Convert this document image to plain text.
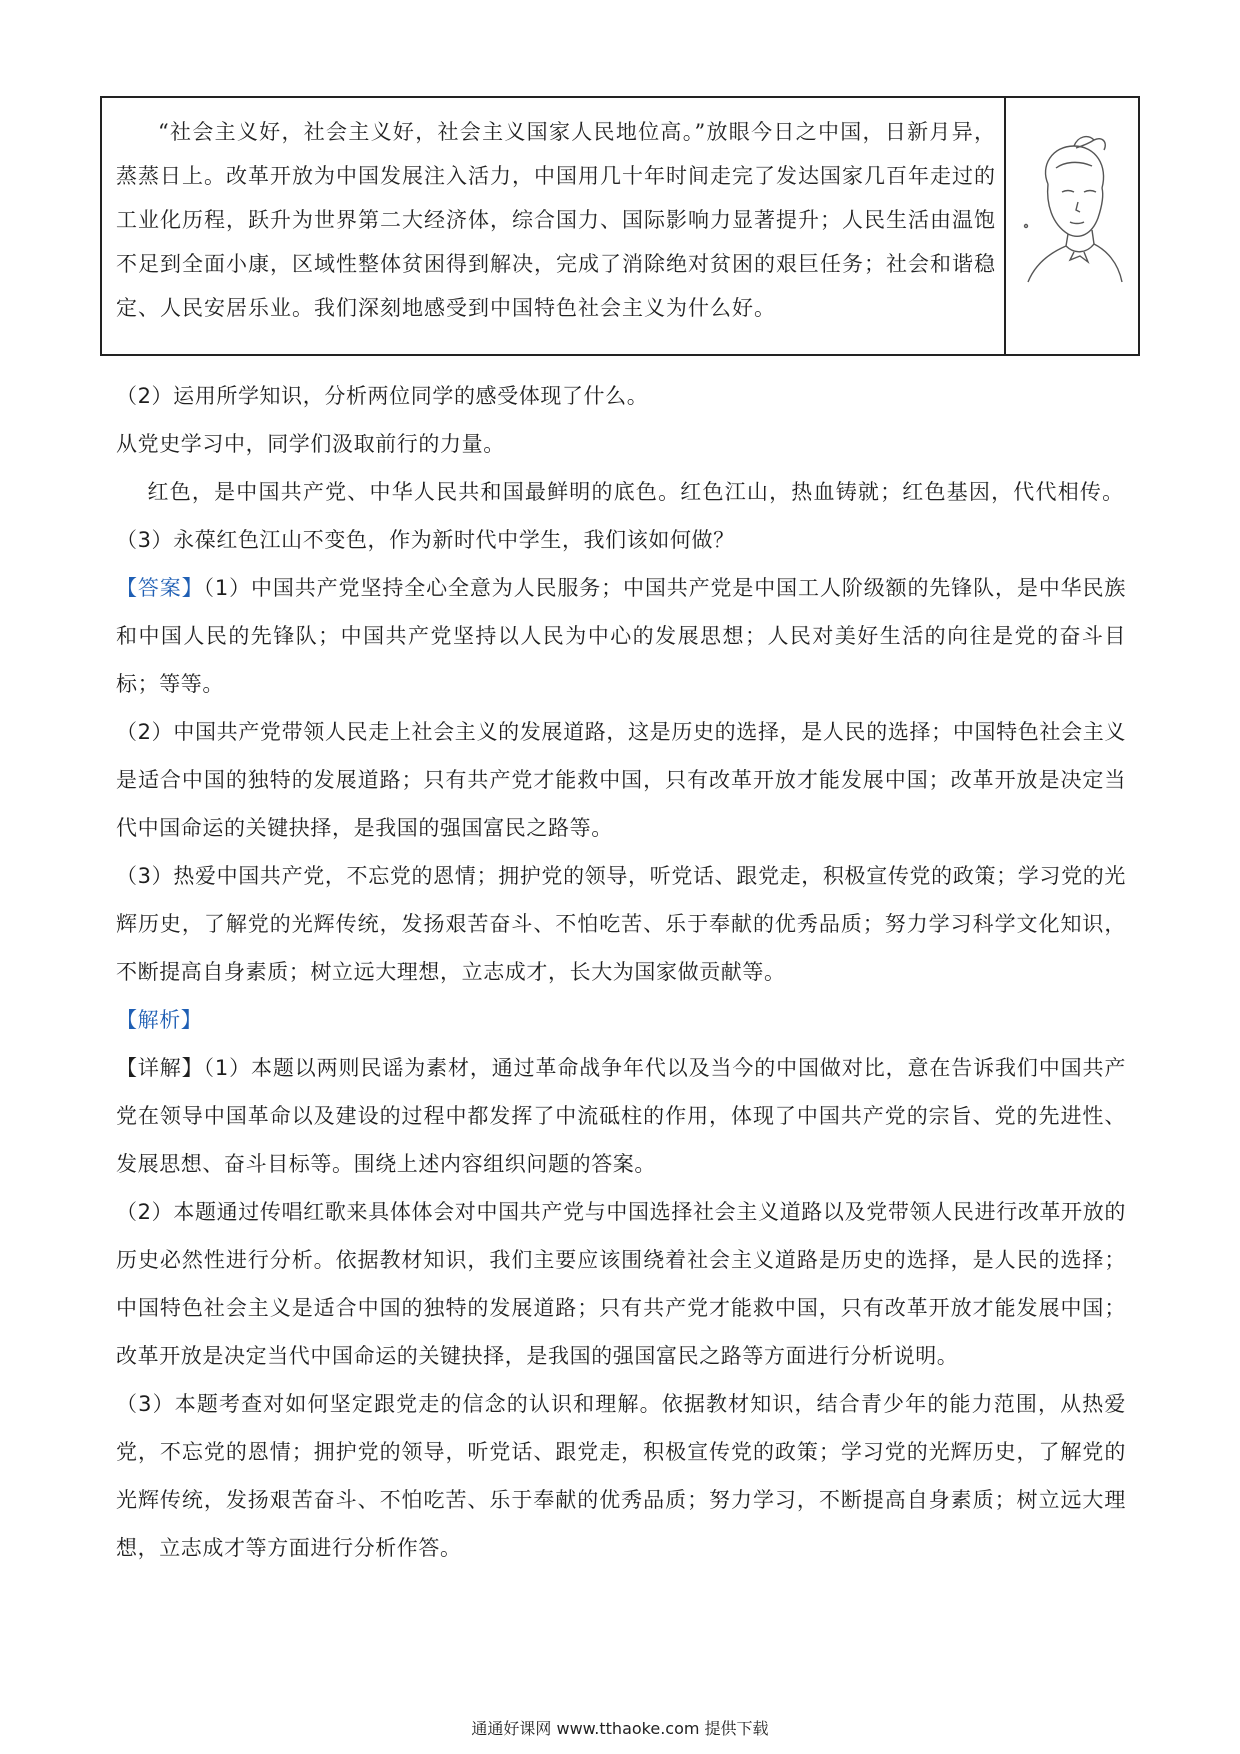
“社会主义好，社会主义好，社会主义国家人民地位高。”放眼今日之中国，日新月异，蒸蒸日上。改革开放为中国发展注入活力，中国用几十年时间走完了发达国家几百年走过的工业化历程，跃升为世界第二大经济体，综合国力、国际影响力显著提升；人民生活由温饱不足到全面小康，区域性整体贫困得到解决，完成了消除绝对贫困的艰巨任务；社会和谐稳定、人民安居乐业。我们深刻地感受到中国特色社会主义为什么好。

（2）运用所学知识，分析两位同学的感受体现了什么。

从党史学习中，同学们汲取前行的力量。

红色，是中国共产党、中华人民共和国最鲜明的底色。红色江山，热血铸就；红色基因，代代相传。

（3）永葆红色江山不变色，作为新时代中学生，我们该如何做？

【答案】（1）中国共产党坚持全心全意为人民服务；中国共产党是中国工人阶级额的先锋队，是中华民族和中国人民的先锋队；中国共产党坚持以人民为中心的发展思想；人民对美好生活的向往是党的奋斗目标；等等。

（2）中国共产党带领人民走上社会主义的发展道路，这是历史的选择，是人民的选择；中国特色社会主义是适合中国的独特的发展道路；只有共产党才能救中国，只有改革开放才能发展中国；改革开放是决定当代中国命运的关键抉择，是我国的强国富民之路等。

（3）热爱中国共产党，不忘党的恩情；拥护党的领导，听党话、跟党走，积极宣传党的政策；学习党的光辉历史，了解党的光辉传统，发扬艰苦奋斗、不怕吃苦、乐于奉献的优秀品质；努力学习科学文化知识，不断提高自身素质；树立远大理想，立志成才，长大为国家做贡献等。

【解析】

【详解】（1）本题以两则民谣为素材，通过革命战争年代以及当今的中国做对比，意在告诉我们中国共产党在领导中国革命以及建设的过程中都发挥了中流砥柱的作用，体现了中国共产党的宗旨、党的先进性、发展思想、奋斗目标等。围绕上述内容组织问题的答案。

（2）本题通过传唱红歌来具体体会对中国共产党与中国选择社会主义道路以及党带领人民进行改革开放的历史必然性进行分析。依据教材知识，我们主要应该围绕着社会主义道路是历史的选择，是人民的选择；中国特色社会主义是适合中国的独特的发展道路；只有共产党才能救中国，只有改革开放才能发展中国；改革开放是决定当代中国命运的关键抉择，是我国的强国富民之路等方面进行分析说明。

（3）本题考查对如何坚定跟党走的信念的认识和理解。依据教材知识，结合青少年的能力范围，从热爱党，不忘党的恩情；拥护党的领导，听党话、跟党走，积极宣传党的政策；学习党的光辉历史，了解党的光辉传统，发扬艰苦奋斗、不怕吃苦、乐于奉献的优秀品质；努力学习，不断提高自身素质；树立远大理想，立志成才等方面进行分析作答。

通通好课网 www.tthaoke.com 提供下载
